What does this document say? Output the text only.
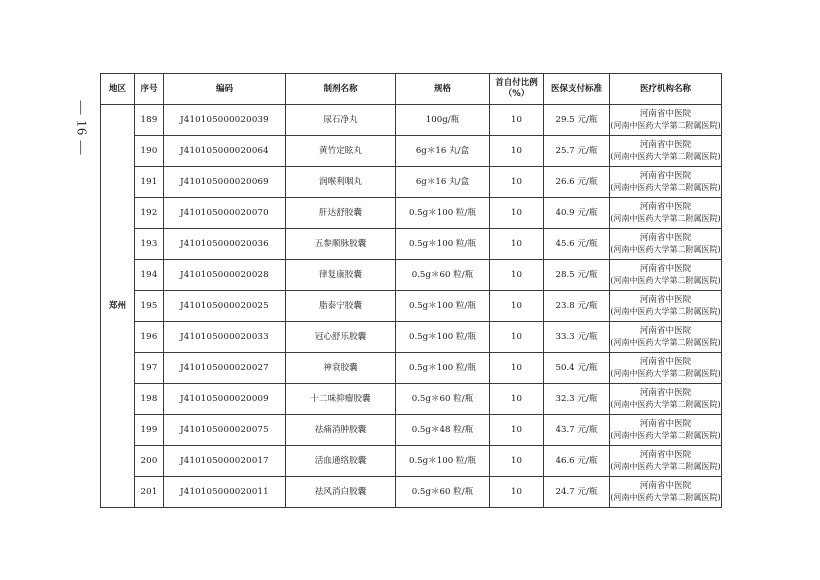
— 16 —
地区	序号	编码	制剂名称	规格	首自付比例
（%）	医保支付标准	医疗机构名称
郑州	189	J410105000020039	尿石净丸	100g/瓶	10	29.5 元/瓶	河南省中医院
(河南中医药大学第二附属医院)

	190	J410105000020064	黄竹定眩丸	6g＊16 丸/盒	10	25.7 元/瓶	河南省中医院
(河南中医药大学第二附属医院)

	191	J410105000020069	润喉利咽丸	6g＊16 丸/盒	10	26.6 元/瓶	河南省中医院
(河南中医药大学第二附属医院)

	192	J410105000020070	肝达舒胶囊	0.5g＊100 粒/瓶	10	40.9 元/瓶	河南省中医院
(河南中医药大学第二附属医院)

	193	J410105000020036	五参顺脉胶囊	0.5g＊100 粒/瓶	10	45.6 元/瓶	河南省中医院
(河南中医药大学第二附属医院)

	194	J410105000020028	律复康胶囊	0.5g＊60 粒/瓶	10	28.5 元/瓶	河南省中医院
(河南中医药大学第二附属医院)

	195	J410105000020025	脂泰宁胶囊	0.5g＊100 粒/瓶	10	23.8 元/瓶	河南省中医院
(河南中医药大学第二附属医院)

	196	J410105000020033	冠心舒乐胶囊	0.5g＊100 粒/瓶	10	33.3 元/瓶	河南省中医院
(河南中医药大学第二附属医院)

	197	J410105000020027	神衰胶囊	0.5g＊100 粒/瓶	10	50.4 元/瓶	河南省中医院
(河南中医药大学第二附属医院)

	198	J410105000020009	十二味抑瘤胶囊	0.5g＊60 粒/瓶	10	32.3 元/瓶	河南省中医院
(河南中医药大学第二附属医院)

	199	J410105000020075	祛痛消肿胶囊	0.5g＊48 粒/瓶	10	43.7 元/瓶	河南省中医院
(河南中医药大学第二附属医院)

	200	J410105000020017	活血通络胶囊	0.5g＊100 粒/瓶	10	46.6 元/瓶	河南省中医院
(河南中医药大学第二附属医院)

	201	J410105000020011	祛风消白胶囊	0.5g＊60 粒/瓶	10	24.7 元/瓶	河南省中医院
(河南中医药大学第二附属医院)
